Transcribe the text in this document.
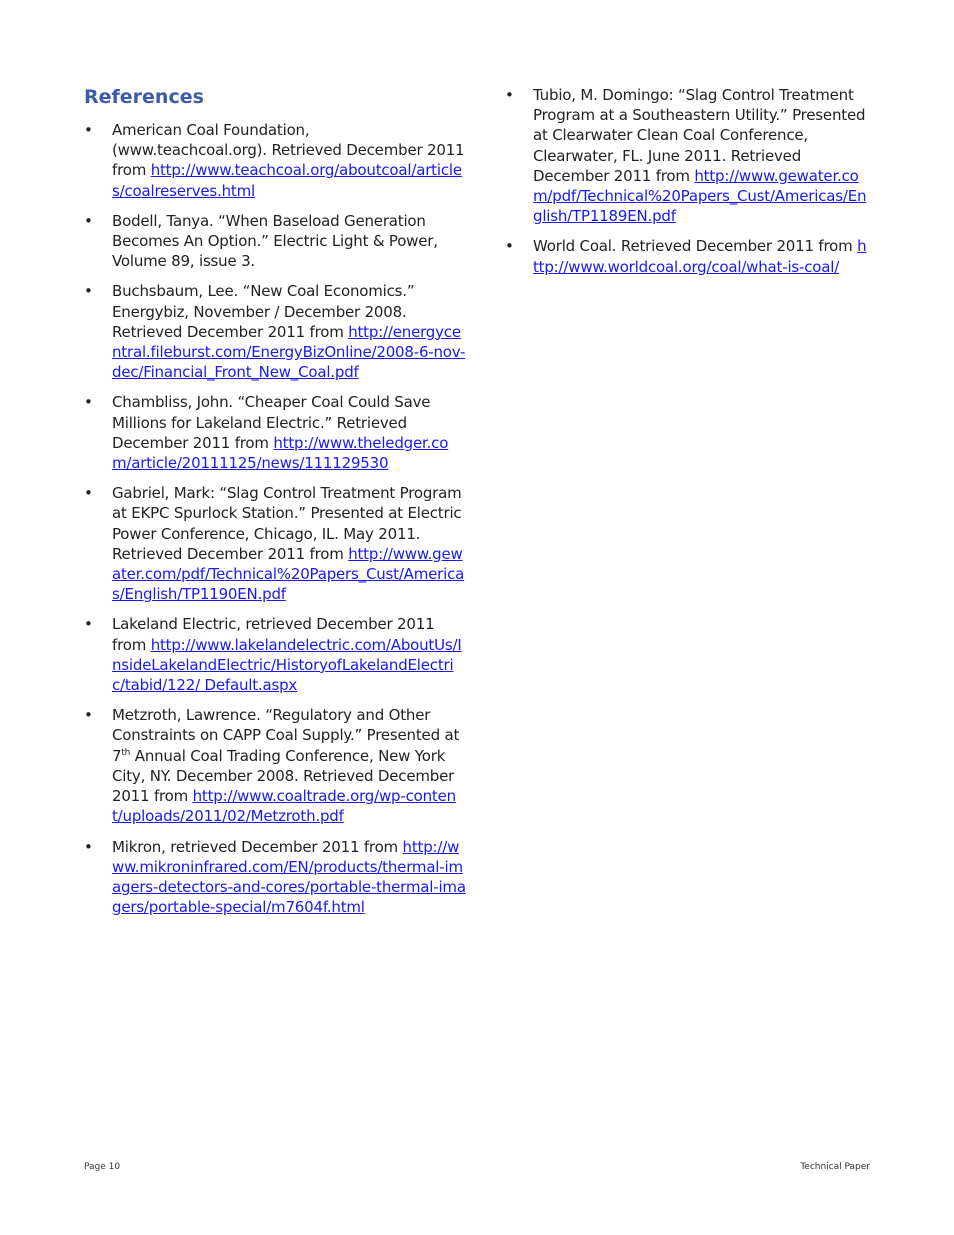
References
• American Coal Foundation, (www.teachcoal.org). Retrieved December 2011 from http://www.teachcoal.org/aboutcoal/articles/coalreserves.html
• Bodell, Tanya. “When Baseload Generation Becomes An Option.” Electric Light & Power, Volume 89, issue 3.
• Buchsbaum, Lee. “New Coal Economics.” Energybiz, November / December 2008. Retrieved December 2011 from http://energycentral.fileburst.com/EnergyBizOnline/2008-6-nov-dec/Financial_Front_New_Coal.pdf
• Chambliss, John. “Cheaper Coal Could Save Millions for Lakeland Electric.” Retrieved December 2011 from http://www.theledger.com/article/20111125/news/111129530
• Gabriel, Mark: “Slag Control Treatment Program at EKPC Spurlock Station.” Presented at Electric Power Conference, Chicago, IL. May 2011. Retrieved December 2011 from http://www.gewater.com/pdf/Technical%20Papers_Cust/Americas/English/TP1190EN.pdf
• Lakeland Electric, retrieved December 2011 from http://www.lakelandelectric.com/AboutUs/InsideLakelandElectric/HistoryofLakelandElectric/tabid/122/ Default.aspx
• Metzroth, Lawrence. “Regulatory and Other Constraints on CAPP Coal Supply.” Presented at 7th Annual Coal Trading Conference, New York City, NY. December 2008. Retrieved December 2011 from http://www.coaltrade.org/wp-content/uploads/2011/02/Metzroth.pdf
• Mikron, retrieved December 2011 from http://www.mikroninfrared.com/EN/products/thermal-imagers-detectors-and-cores/portable-thermal-imagers/portable-special/m7604f.html
• Tubio, M. Domingo: “Slag Control Treatment Program at a Southeastern Utility.” Presented at Clearwater Clean Coal Conference, Clearwater, FL. June 2011. Retrieved December 2011 from http://www.gewater.com/pdf/Technical%20Papers_Cust/Americas/English/TP1189EN.pdf
• World Coal. Retrieved December 2011 from http://www.worldcoal.org/coal/what-is-coal/
Page 10	Technical Paper
